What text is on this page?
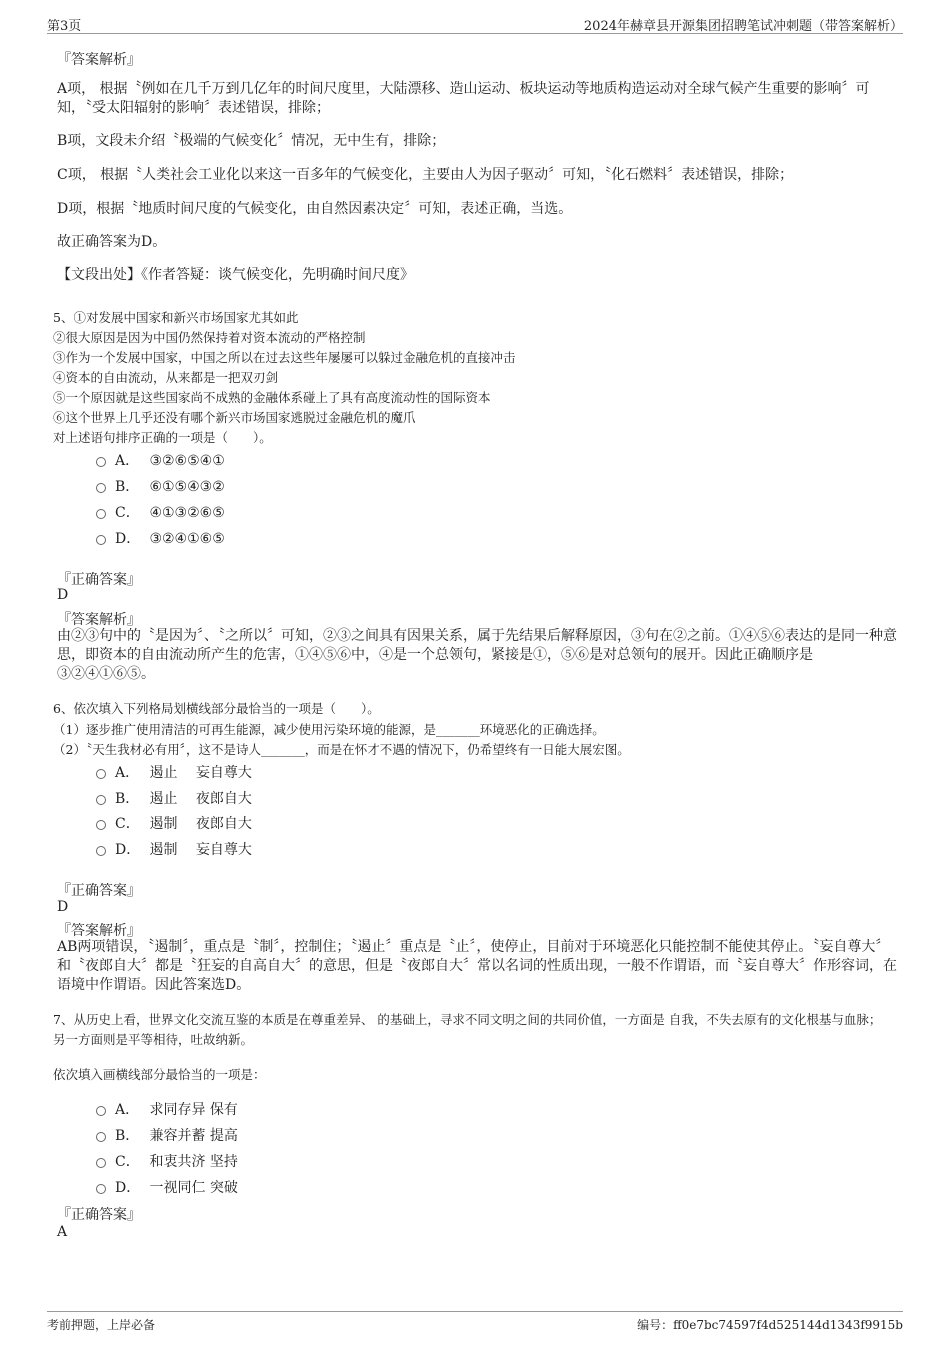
第3页	2024年赫章县开源集团招聘笔试冲刺题（带答案解析）
『答案解析』
A项， 根据〝例如在几千万到几亿年的时间尺度里，大陆漂移、造山运动、板块运动等地质构造运动对全球气候产生重要的影响〞可知，〝受太阳辐射的影响〞表述错误，排除；
B项，文段未介绍〝极端的气候变化〞情况，无中生有，排除；
C项， 根据〝人类社会工业化以来这一百多年的气候变化，主要由人为因子驱动〞可知，〝化石燃料〞表述错误，排除；
D项，根据〝地质时间尺度的气候变化，由自然因素决定〞可知，表述正确，当选。
故正确答案为D。
【文段出处】《作者答疑：谈气候变化，先明确时间尺度》
5、①对发展中国家和新兴市场国家尤其如此
②很大原因是因为中国仍然保持着对资本流动的严格控制
③作为一个发展中国家，中国之所以在过去这些年屡屡可以躲过金融危机的直接冲击
④资本的自由流动，从来都是一把双刃剑
⑤一个原因就是这些国家尚不成熟的金融体系碰上了具有高度流动性的国际资本
⑥这个世界上几乎还没有哪个新兴市场国家逃脱过金融危机的魔爪
对上述语句排序正确的一项是（　　）。
A． ③②⑥⑤④①
B． ⑥①⑤④③②
C． ④①③②⑥⑤
D． ③②④①⑥⑤
『正确答案』
D
『答案解析』
由②③句中的〝是因为〞、〝之所以〞可知，②③之间具有因果关系，属于先结果后解释原因，③句在②之前。①④⑤⑥表达的是同一种意思，即资本的自由流动所产生的危害，①④⑤⑥中，④是一个总领句，紧接是①，⑤⑥是对总领句的展开。因此正确顺序是③②④①⑥⑤。
6、依次填入下列格局划横线部分最恰当的一项是（　　）。
（1）逐步推广使用清洁的可再生能源，减少使用污染环境的能源，是_______环境恶化的正确选择。
（2）〝天生我材必有用〞，这不是诗人_______，而是在怀才不遇的情况下，仍希望终有一日能大展宏图。
A． 遏止　 妄自尊大
B． 遏止　 夜郎自大
C． 遏制　 夜郎自大
D． 遏制　 妄自尊大
『正确答案』
D
『答案解析』
AB两项错误，〝遏制〞，重点是〝制〞，控制住；〝遏止〞重点是〝止〞，使停止，目前对于环境恶化只能控制不能使其停止。〝妄自尊大〞和〝夜郎自大〞都是〝狂妄的自高自大〞的意思，但是〝夜郎自大〞常以名词的性质出现，一般不作谓语，而〝妄自尊大〞作形容词，在语境中作谓语。因此答案选D。
7、从历史上看，世界文化交流互鉴的本质是在尊重差异、 的基础上，寻求不同文明之间的共同价值，一方面是 自我，不失去原有的文化根基与血脉；另一方面则是平等相待，吐故纳新。
依次填入画横线部分最恰当的一项是：
A． 求同存异 保有
B． 兼容并蓄 提高
C． 和衷共济 坚持
D． 一视同仁 突破
『正确答案』
A
考前押题，上岸必备	编号：ff0e7bc74597f4d525144d1343f9915b
